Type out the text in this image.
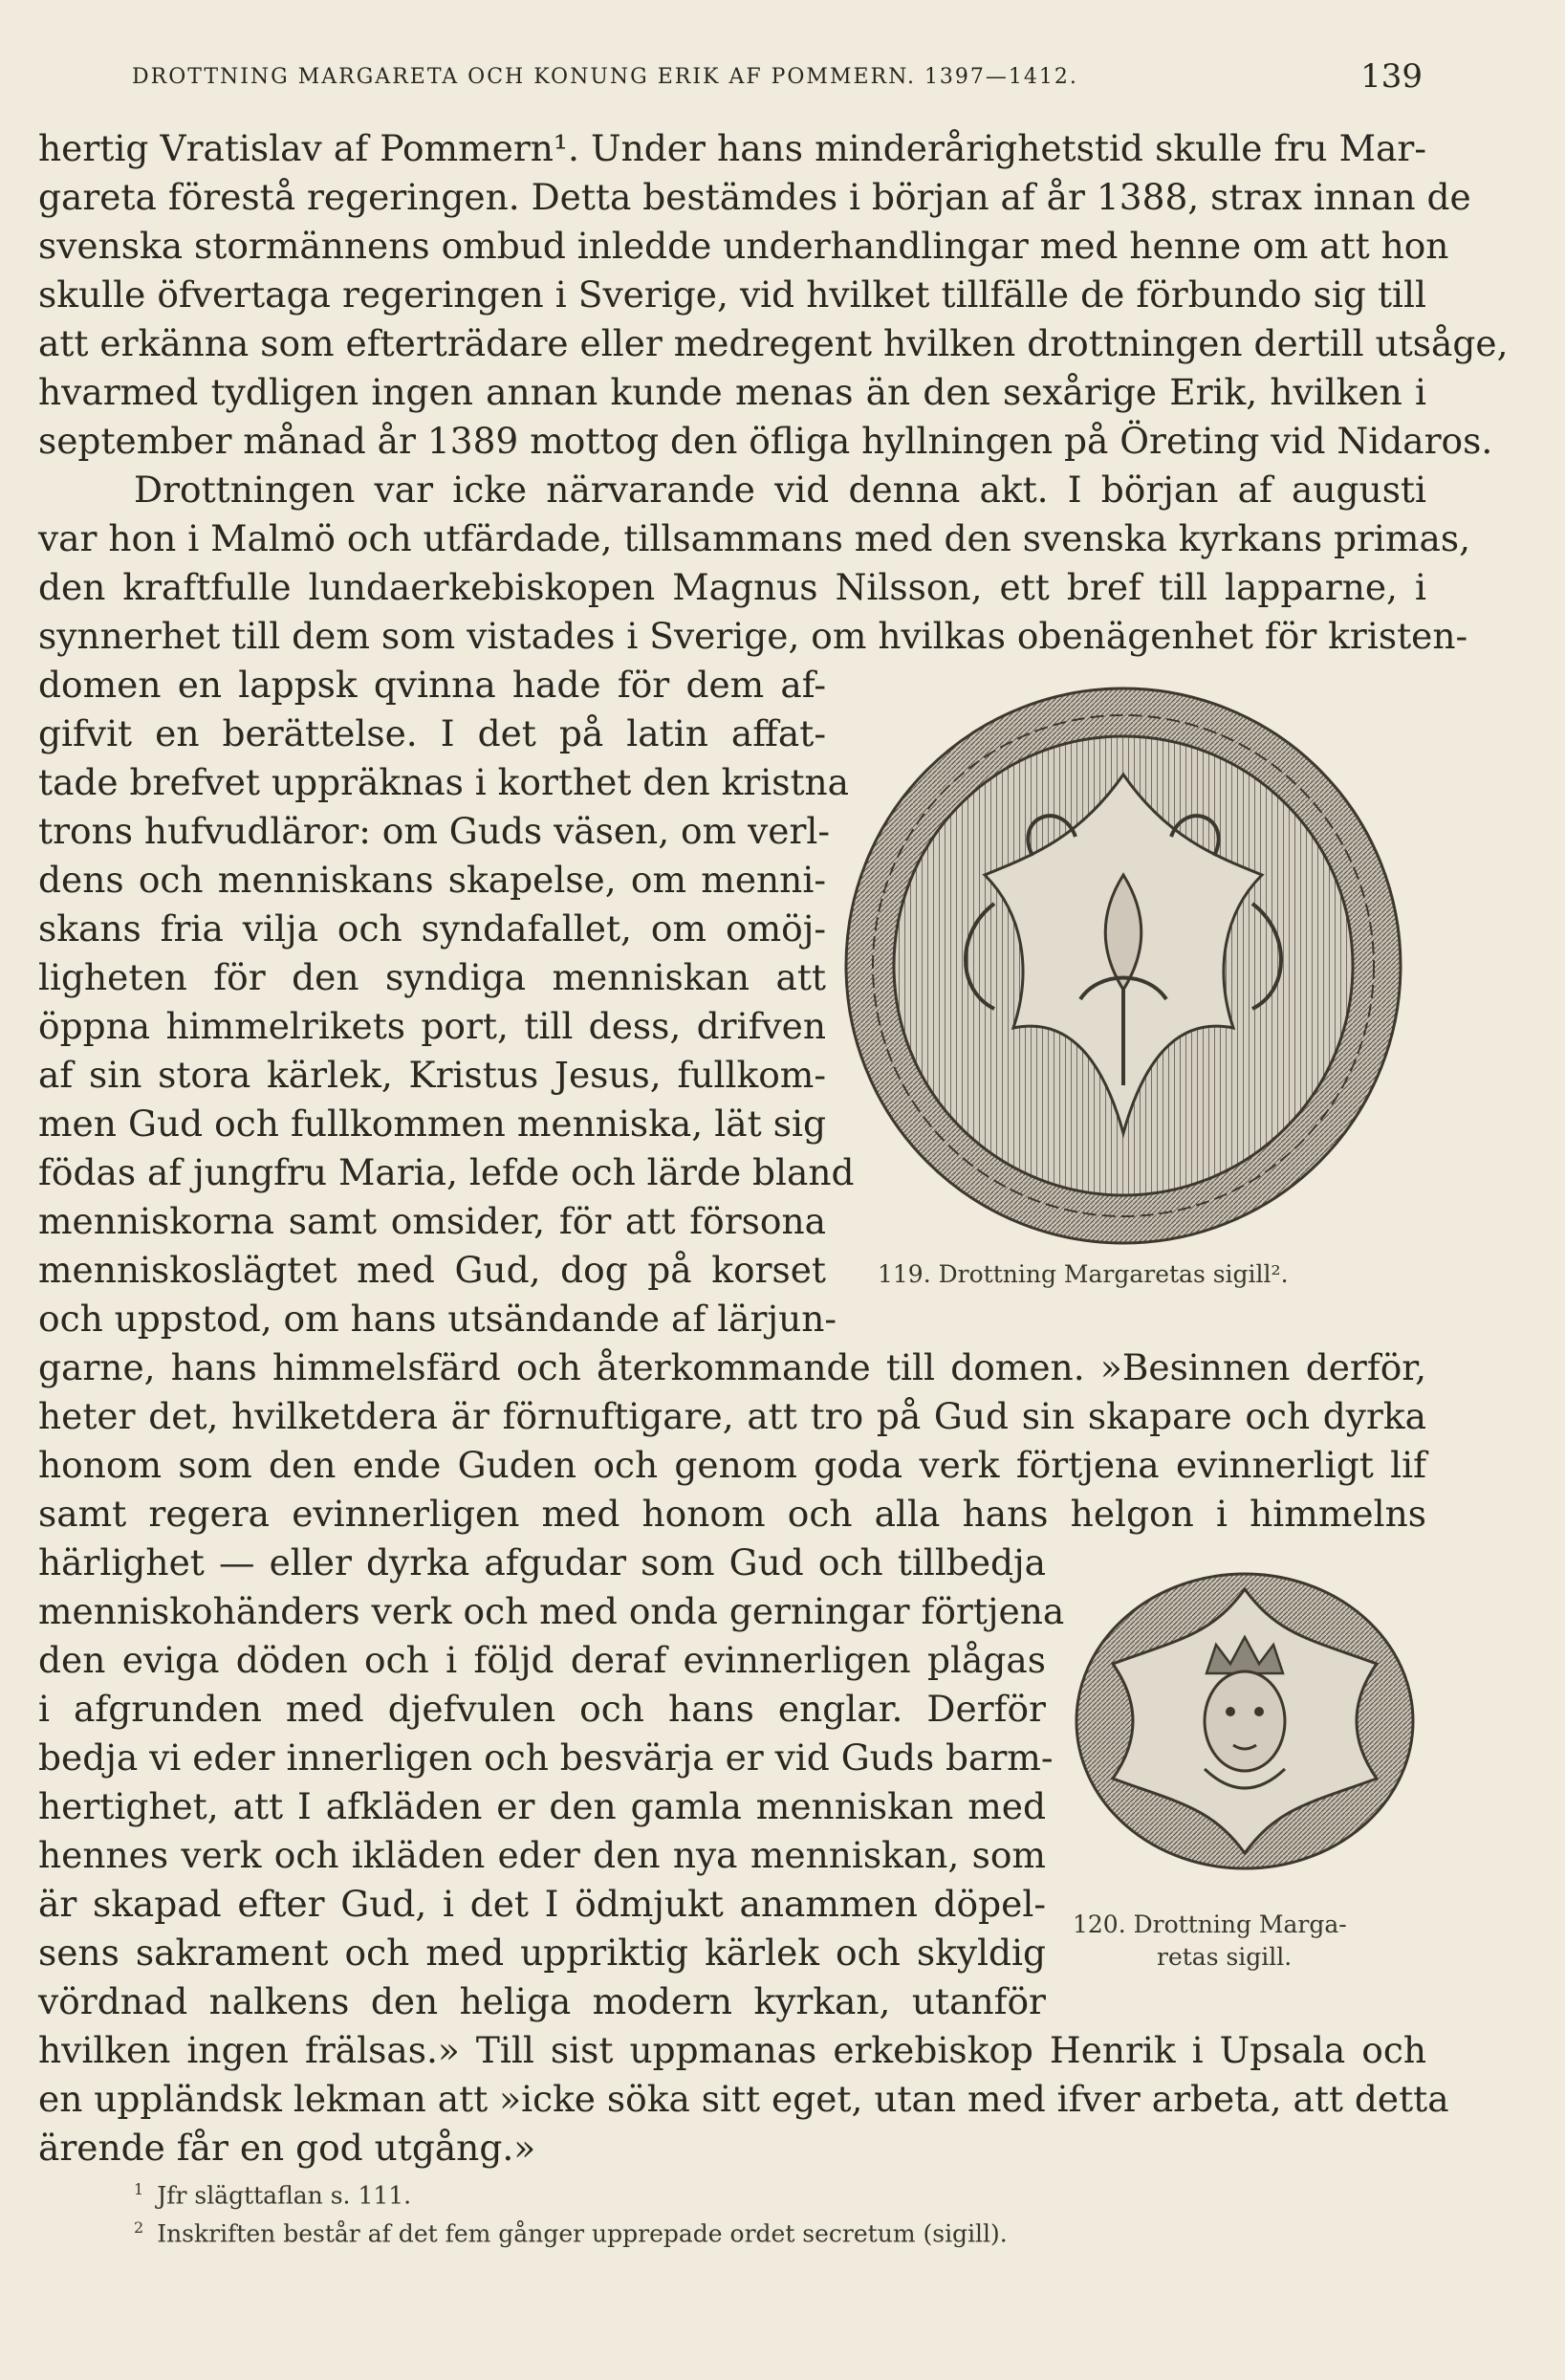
DROTTNING MARGARETA OCH KONUNG ERIK AF POMMERN. 1397—1412.	139
hertig Vratislav af Pommern¹. Under hans minderårighetstid skulle fru Mar-
gareta förestå regeringen. Detta bestämdes i början af år 1388, strax innan de
svenska stormännens ombud inledde underhandlingar med henne om att hon
skulle öfvertaga regeringen i Sverige, vid hvilket tillfälle de förbundo sig till
att erkänna som efterträdare eller medregent hvilken drottningen dertill utsåge,
hvarmed tydligen ingen annan kunde menas än den sexårige Erik, hvilken i
september månad år 1389 mottog den öfliga hyllningen på Öreting vid Nidaros.
Drottningen var icke närvarande vid denna akt. I början af augusti
var hon i Malmö och utfärdade, tillsammans med den svenska kyrkans primas,
den kraftfulle lundaerkebiskopen Magnus Nilsson, ett bref till lapparne, i
synnerhet till dem som vistades i Sverige, om hvilkas obenägenhet för kristen-
domen en lappsk qvinna hade för dem af-
gifvit en berättelse. I det på latin affat-
tade brefvet uppräknas i korthet den kristna
trons hufvudläror: om Guds väsen, om verl-
dens och menniskans skapelse, om menni-
skans fria vilja och syndafallet, om omöj-
ligheten för den syndiga menniskan att
öppna himmelrikets port, till dess, drifven
af sin stora kärlek, Kristus Jesus, fullkom-
men Gud och fullkommen menniska, lät sig
födas af jungfru Maria, lefde och lärde bland
menniskorna samt omsider, för att försona
menniskoslägtet med Gud, dog på korset
och uppstod, om hans utsändande af lärjun-
garne, hans himmelsfärd och återkommande till domen. »Besinnen derför,
heter det, hvilketdera är förnuftigare, att tro på Gud sin skapare och dyrka
honom som den ende Guden och genom goda verk förtjena evinnerligt lif
samt regera evinnerligen med honom och alla hans helgon i himmelns
härlighet — eller dyrka afgudar som Gud och tillbedja
menniskohänders verk och med onda gerningar förtjena
den eviga döden och i följd deraf evinnerligen plågas
i afgrunden med djefvulen och hans englar. Derför
bedja vi eder innerligen och besvärja er vid Guds barm-
hertighet, att I afkläden er den gamla menniskan med
hennes verk och ikläden eder den nya menniskan, som
är skapad efter Gud, i det I ödmjukt anammen döpel-
sens sakrament och med uppriktig kärlek och skyldig
vördnad nalkens den heliga modern kyrkan, utanför
hvilken ingen frälsas.» Till sist uppmanas erkebiskop Henrik i Upsala och
en uppländsk lekman att »icke söka sitt eget, utan med ifver arbeta, att detta
ärende får en god utgång.»
119. Drottning Margaretas sigill².
120. Drottning Marga-
retas sigill.
$^1$ Jfr slägttaflan s. 111.
$^2$ Inskriften består af det fem gånger upprepade ordet secretum (sigill).
